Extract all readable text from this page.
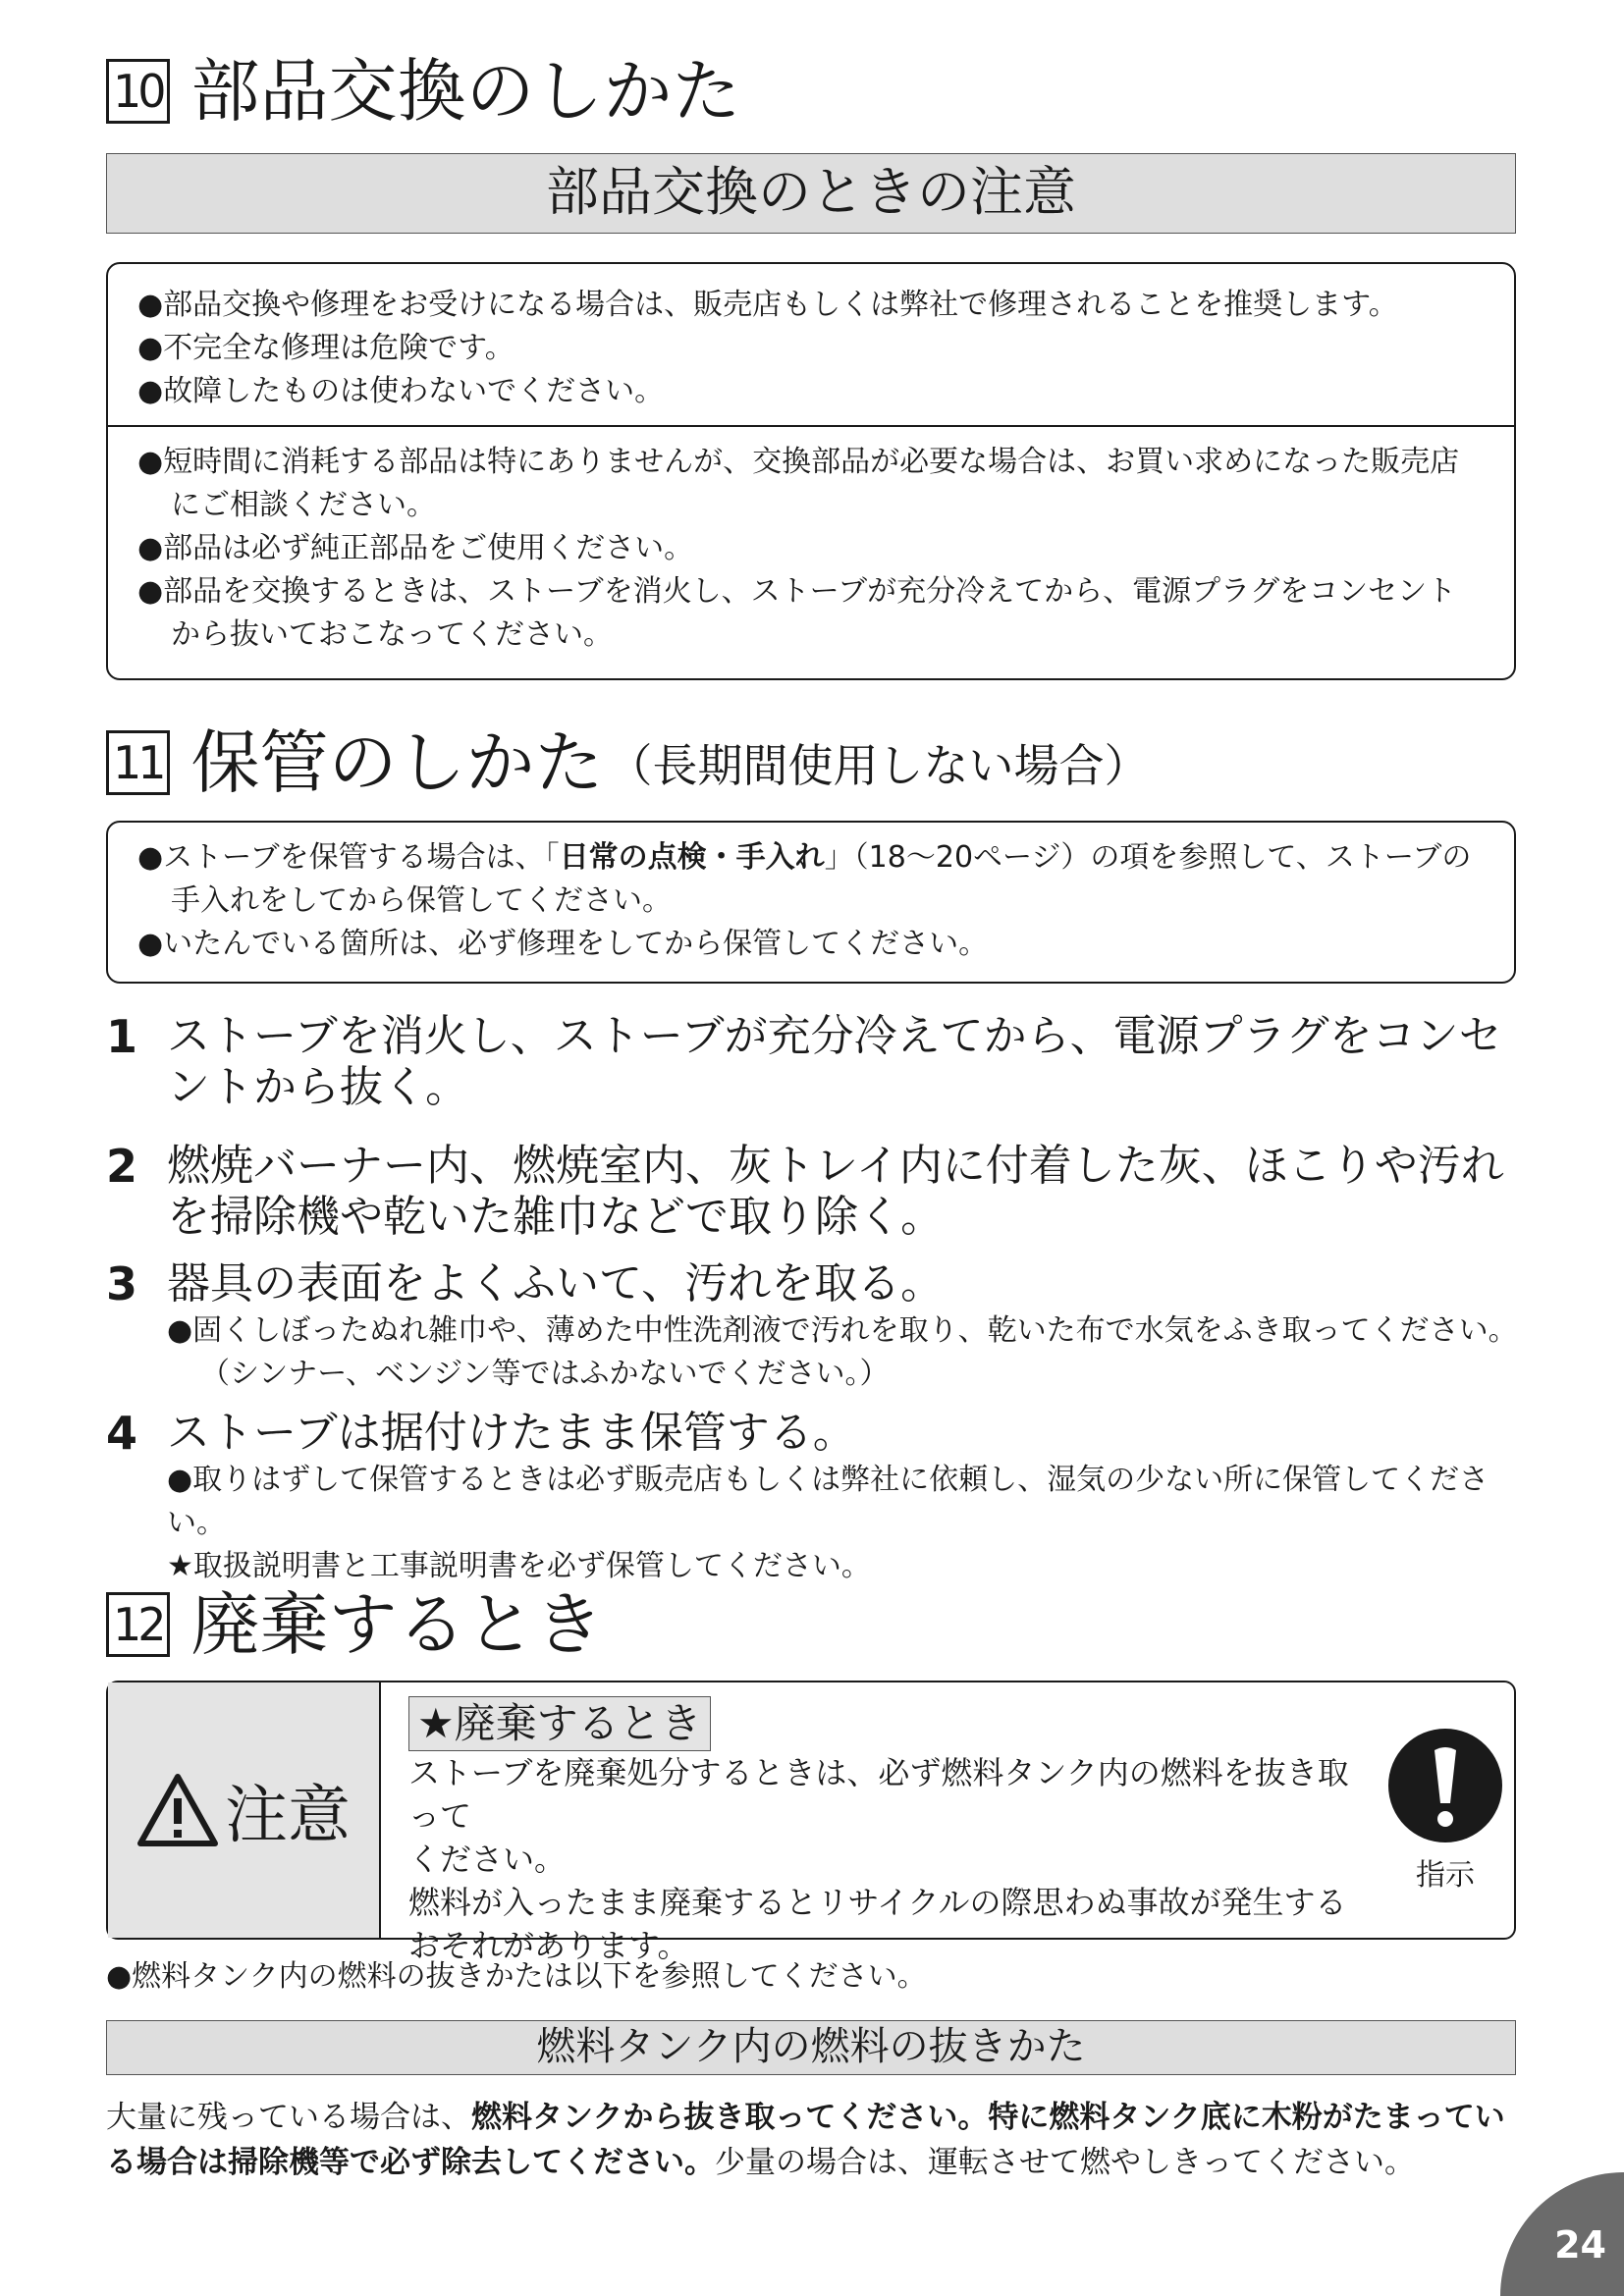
10 部品交換のしかた
部品交換のときの注意
●部品交換や修理をお受けになる場合は、販売店もしくは弊社で修理されることを推奨します。
●不完全な修理は危険です。
●故障したものは使わないでください。
●短時間に消耗する部品は特にありませんが、交換部品が必要な場合は、お買い求めになった販売店にご相談ください。
●部品は必ず純正部品をご使用ください。
●部品を交換するときは、ストーブを消火し、ストーブが充分冷えてから、電源プラグをコンセントから抜いておこなってください。
11 保管のしかた （長期間使用しない場合）
●ストーブを保管する場合は、「日常の点検・手入れ」（18〜20ページ）の項を参照して、ストーブの手入れをしてから保管してください。
●いたんでいる箇所は、必ず修理をしてから保管してください。
1 ストーブを消火し、ストーブが充分冷えてから、電源プラグをコンセントから抜く。
2 燃焼バーナー内、燃焼室内、灰トレイ内に付着した灰、ほこりや汚れを掃除機や乾いた雑巾などで取り除く。
3 器具の表面をよくふいて、汚れを取る。
●固くしぼったぬれ雑巾や、薄めた中性洗剤液で汚れを取り、乾いた布で水気をふき取ってください。
（シンナー、ベンジン等ではふかないでください。）
4 ストーブは据付けたまま保管する。
●取りはずして保管するときは必ず販売店もしくは弊社に依頼し、湿気の少ない所に保管してください。
★取扱説明書と工事説明書を必ず保管してください。
12 廃棄するとき
注意
★廃棄するとき
ストーブを廃棄処分するときは、必ず燃料タンク内の燃料を抜き取って
ください。
燃料が入ったまま廃棄するとリサイクルの際思わぬ事故が発生する
おそれがあります。
指示
●燃料タンク内の燃料の抜きかたは以下を参照してください。
燃料タンク内の燃料の抜きかた
大量に残っている場合は、燃料タンクから抜き取ってください。特に燃料タンク底に木粉がたまっている場合は掃除機等で必ず除去してください。少量の場合は、運転させて燃やしきってください。
24
